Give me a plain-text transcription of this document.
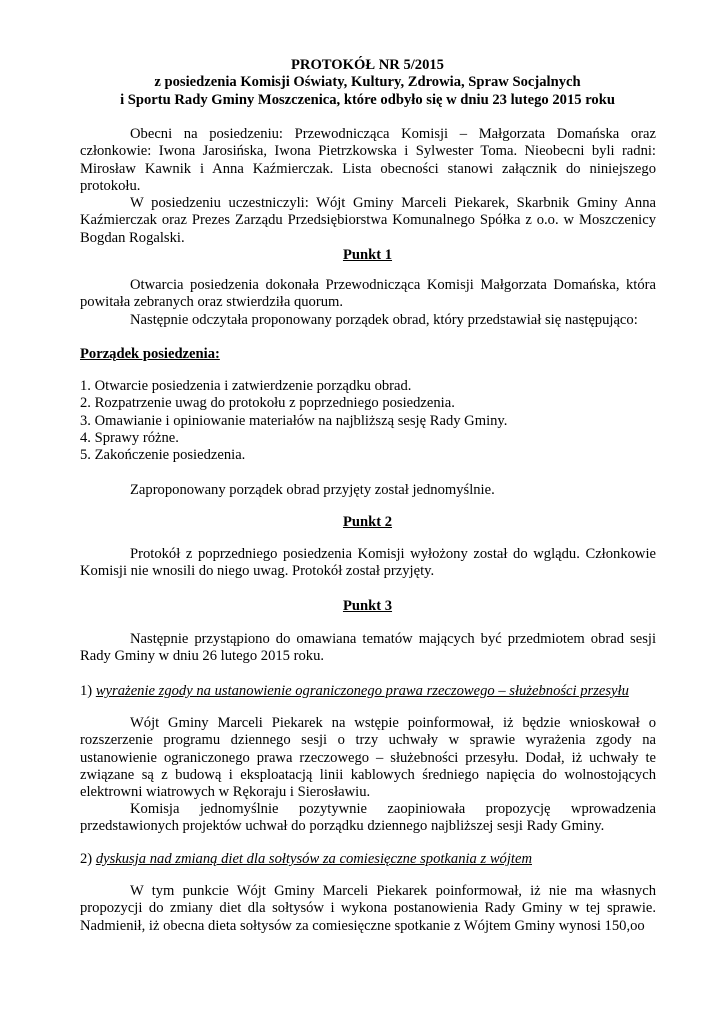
PROTOKÓŁ NR 5/2015
z posiedzenia Komisji Oświaty, Kultury, Zdrowia, Spraw Socjalnych
i Sportu Rady Gminy Moszczenica, które odbyło się w dniu 23 lutego 2015 roku
Obecni na posiedzeniu: Przewodnicząca Komisji – Małgorzata Domańska oraz członkowie: Iwona Jarosińska, Iwona Pietrzkowska i Sylwester Toma. Nieobecni byli radni: Mirosław Kawnik i Anna Kaźmierczak. Lista obecności stanowi załącznik do niniejszego protokołu.
W posiedzeniu uczestniczyli: Wójt Gminy Marceli Piekarek, Skarbnik Gminy Anna Kaźmierczak oraz Prezes Zarządu Przedsiębiorstwa Komunalnego Spółka z o.o. w Moszczenicy Bogdan Rogalski.
Punkt 1
Otwarcia posiedzenia dokonała Przewodnicząca Komisji Małgorzata Domańska, która powitała zebranych oraz stwierdziła quorum.
Następnie odczytała proponowany porządek obrad, który przedstawiał się następująco:
Porządek posiedzenia:
1. Otwarcie posiedzenia i zatwierdzenie porządku obrad.
2. Rozpatrzenie uwag do protokołu z poprzedniego posiedzenia.
3. Omawianie i opiniowanie materiałów na najbliższą sesję Rady Gminy.
4. Sprawy różne.
5. Zakończenie posiedzenia.
Zaproponowany porządek obrad przyjęty został jednomyślnie.
Punkt 2
Protokół z poprzedniego posiedzenia Komisji wyłożony został do wglądu. Członkowie Komisji nie wnosili do niego uwag. Protokół został przyjęty.
Punkt 3
Następnie przystąpiono do omawiana tematów mających być przedmiotem obrad sesji Rady Gminy w dniu 26 lutego 2015 roku.
1) wyrażenie zgody na ustanowienie ograniczonego prawa rzeczowego – służebności przesyłu
Wójt Gminy Marceli Piekarek na wstępie poinformował, iż będzie wnioskował o rozszerzenie programu dziennego sesji o trzy uchwały w sprawie wyrażenia zgody na ustanowienie ograniczonego prawa rzeczowego – służebności przesyłu. Dodał, iż uchwały te związane są z budową i eksploatacją linii kablowych średniego napięcia do wolnostojących elektrowni wiatrowych w Rękoraju i Sierosławiu.
Komisja jednomyślnie pozytywnie zaopiniowała propozycję wprowadzenia przedstawionych projektów uchwał do porządku dziennego najbliższej sesji Rady Gminy.
2) dyskusja nad zmianą diet dla sołtysów za comiesięczne spotkania z wójtem
W tym punkcie Wójt Gminy Marceli Piekarek poinformował, iż nie ma własnych propozycji do zmiany diet dla sołtysów i wykona postanowienia Rady Gminy w tej sprawie. Nadmienił, iż obecna dieta sołtysów za comiesięczne spotkanie z Wójtem Gminy wynosi 150,oo
